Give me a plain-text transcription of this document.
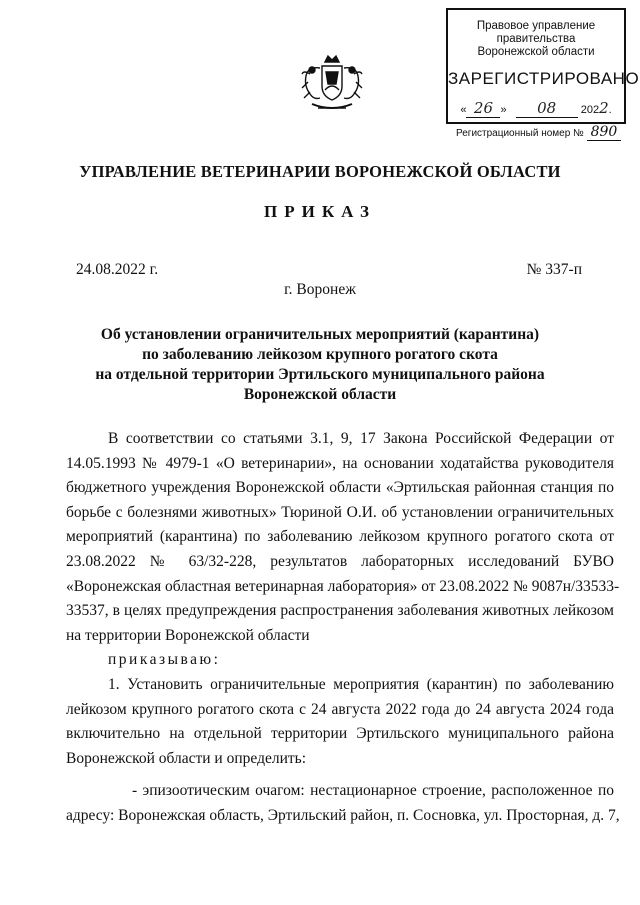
Правовое управление правительства
Воронежской области
ЗАРЕГИСТРИРОВАНО
« 26 » 08 2022.
Регистрационный номер № 890
УПРАВЛЕНИЕ ВЕТЕРИНАРИИ ВОРОНЕЖСКОЙ ОБЛАСТИ
ПРИКАЗ
24.08.2022 г.	№ 337-п
г. Воронеж
Об установлении ограничительных мероприятий (карантина)
по заболеванию лейкозом крупного рогатого скота
на отдельной территории Эртильского муниципального района
Воронежской области

В соответствии со статьями 3.1, 9, 17 Закона Российской Федерации от
14.05.1993 № 4979-1 «О ветеринарии», на основании ходатайства руководителя
бюджетного учреждения Воронежской области «Эртильская районная станция по
борьбе с болезнями животных» Тюриной О.И. об установлении ограничительных
мероприятий (карантина) по заболеванию лейкозом крупного рогатого скота от
23.08.2022 № 63/32-228, результатов лабораторных исследований БУВО
«Воронежская областная ветеринарная лаборатория» от 23.08.2022 № 9087н/33533-
33537, в целях предупреждения распространения заболевания животных лейкозом
на территории Воронежской области

приказываю:

1. Установить ограничительные мероприятия (карантин) по заболеванию
лейкозом крупного рогатого скота с 24 августа 2022 года до 24 августа 2024 года
включительно на отдельной территории Эртильского муниципального района
Воронежской области и определить:

- эпизоотическим очагом: нестационарное строение, расположенное по
адресу: Воронежская область, Эртильский район, п. Сосновка, ул. Просторная, д. 7,
